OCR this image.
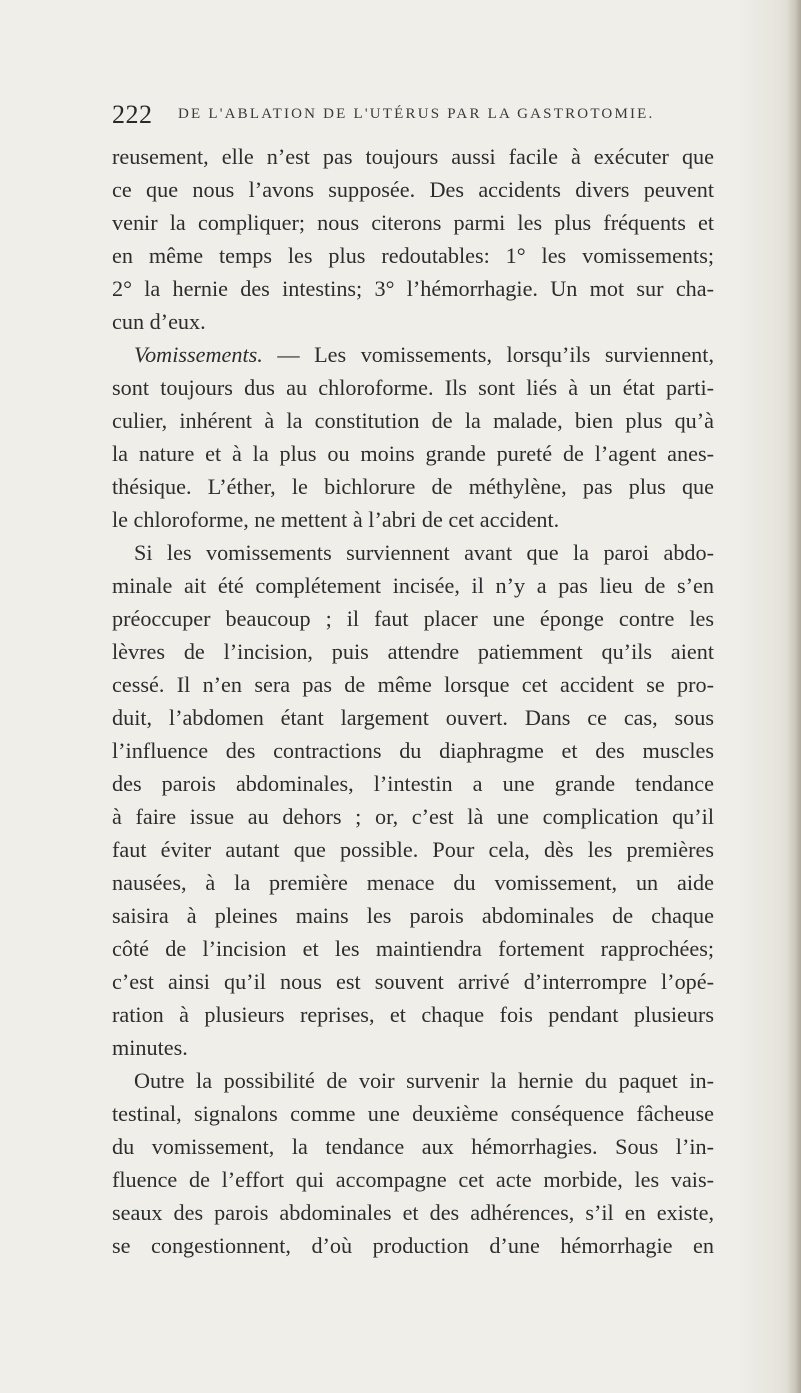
222 DE L'ABLATION DE L'UTÉRUS PAR LA GASTROTOMIE.
reusement, elle n’est pas toujours aussi facile à exécuter que
ce que nous l’avons supposée. Des accidents divers peuvent
venir la compliquer; nous citerons parmi les plus fréquents et
en même temps les plus redoutables: 1° les vomissements;
2° la hernie des intestins; 3° l’hémorrhagie. Un mot sur cha-
cun d’eux.
Vomissements. — Les vomissements, lorsqu’ils surviennent,
sont toujours dus au chloroforme. Ils sont liés à un état parti-
culier, inhérent à la constitution de la malade, bien plus qu’à
la nature et à la plus ou moins grande pureté de l’agent anes-
thésique. L’éther, le bichlorure de méthylène, pas plus que
le chloroforme, ne mettent à l’abri de cet accident.
Si les vomissements surviennent avant que la paroi abdo-
minale ait été complétement incisée, il n’y a pas lieu de s’en
préoccuper beaucoup ; il faut placer une éponge contre les
lèvres de l’incision, puis attendre patiemment qu’ils aient
cessé. Il n’en sera pas de même lorsque cet accident se pro-
duit, l’abdomen étant largement ouvert. Dans ce cas, sous
l’influence des contractions du diaphragme et des muscles
des parois abdominales, l’intestin a une grande tendance
à faire issue au dehors ; or, c’est là une complication qu’il
faut éviter autant que possible. Pour cela, dès les premières
nausées, à la première menace du vomissement, un aide
saisira à pleines mains les parois abdominales de chaque
côté de l’incision et les maintiendra fortement rapprochées;
c’est ainsi qu’il nous est souvent arrivé d’interrompre l’opé-
ration à plusieurs reprises, et chaque fois pendant plusieurs
minutes.
Outre la possibilité de voir survenir la hernie du paquet in-
testinal, signalons comme une deuxième conséquence fâcheuse
du vomissement, la tendance aux hémorrhagies. Sous l’in-
fluence de l’effort qui accompagne cet acte morbide, les vais-
seaux des parois abdominales et des adhérences, s’il en existe,
se congestionnent, d’où production d’une hémorrhagie en
